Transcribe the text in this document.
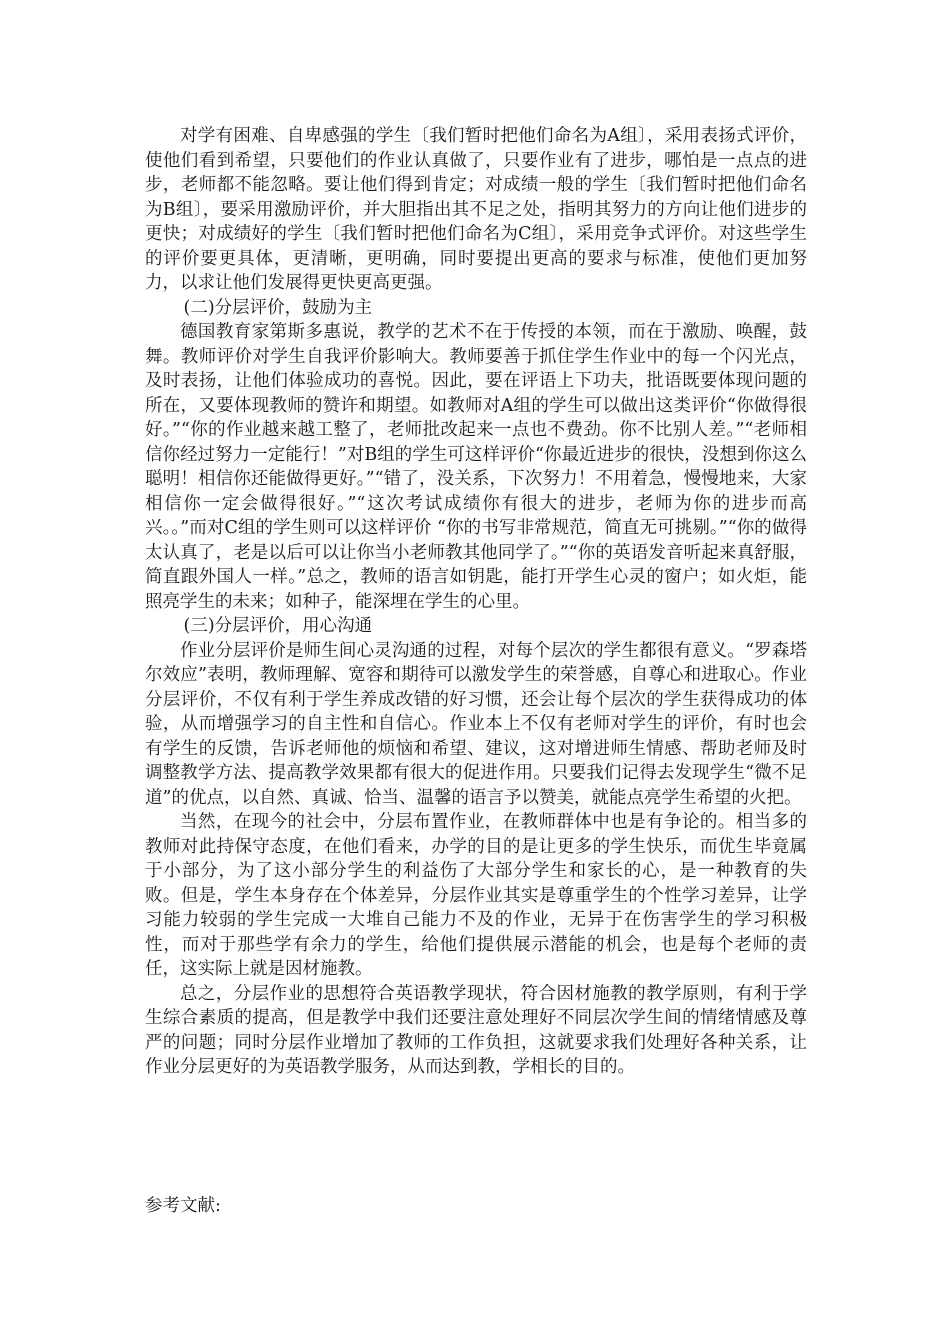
对学有困难、自卑感强的学生〔我们暂时把他们命名为A组〕，采用表扬式评价，使他们看到希望，只要他们的作业认真做了，只要作业有了进步，哪怕是一点点的进步，老师都不能忽略。要让他们得到肯定；对成绩一般的学生〔我们暂时把他们命名为B组〕，要采用激励评价，并大胆指出其不足之处，指明其努力的方向让他们进步的更快；对成绩好的学生〔我们暂时把他们命名为C组〕，采用竞争式评价。对这些学生的评价要更具体，更清晰，更明确，同时要提出更高的要求与标准，使他们更加努力，以求让他们发展得更快更高更强。

(二)分层评价，鼓励为主

德国教育家第斯多惠说，教学的艺术不在于传授的本领，而在于激励、唤醒，鼓舞。教师评价对学生自我评价影响大。教师要善于抓住学生作业中的每一个闪光点，及时表扬，让他们体验成功的喜悦。因此，要在评语上下功夫，批语既要体现问题的所在，又要体现教师的赞许和期望。如教师对A组的学生可以做出这类评价“你做得很好。”“你的作业越来越工整了，老师批改起来一点也不费劲。你不比别人差。”“老师相信你经过努力一定能行！”对B组的学生可这样评价“你最近进步的很快，没想到你这么聪明！相信你还能做得更好。”“错了，没关系，下次努力！不用着急，慢慢地来，大家相信你一定会做得很好。”“这次考试成绩你有很大的进步，老师为你的进步而高兴。。”而对C组的学生则可以这样评价 “你的书写非常规范，简直无可挑剔。”“你的做得太认真了，老是以后可以让你当小老师教其他同学了。”“你的英语发音听起来真舒服，简直跟外国人一样。”总之，教师的语言如钥匙，能打开学生心灵的窗户；如火炬，能照亮学生的未来；如种子，能深埋在学生的心里。

(三)分层评价，用心沟通

作业分层评价是师生间心灵沟通的过程，对每个层次的学生都很有意义。“罗森塔尔效应”表明，教师理解、宽容和期待可以激发学生的荣誉感，自尊心和进取心。作业分层评价，不仅有利于学生养成改错的好习惯，还会让每个层次的学生获得成功的体验，从而增强学习的自主性和自信心。作业本上不仅有老师对学生的评价，有时也会有学生的反馈，告诉老师他的烦恼和希望、建议，这对增进师生情感、帮助老师及时调整教学方法、提高教学效果都有很大的促进作用。只要我们记得去发现学生“微不足道”的优点，以自然、真诚、恰当、温馨的语言予以赞美，就能点亮学生希望的火把。

当然，在现今的社会中，分层布置作业，在教师群体中也是有争论的。相当多的教师对此持保守态度，在他们看来，办学的目的是让更多的学生快乐，而优生毕竟属于小部分，为了这小部分学生的利益伤了大部分学生和家长的心，是一种教育的失败。但是，学生本身存在个体差异，分层作业其实是尊重学生的个性学习差异，让学习能力较弱的学生完成一大堆自己能力不及的作业，无异于在伤害学生的学习积极性，而对于那些学有余力的学生，给他们提供展示潜能的机会，也是每个老师的责任，这实际上就是因材施教。

总之，分层作业的思想符合英语教学现状，符合因材施教的教学原则，有利于学生综合素质的提高，但是教学中我们还要注意处理好不同层次学生间的情绪情感及尊严的问题；同时分层作业增加了教师的工作负担，这就要求我们处理好各种关系，让作业分层更好的为英语教学服务，从而达到教，学相长的目的。

参考文献:
